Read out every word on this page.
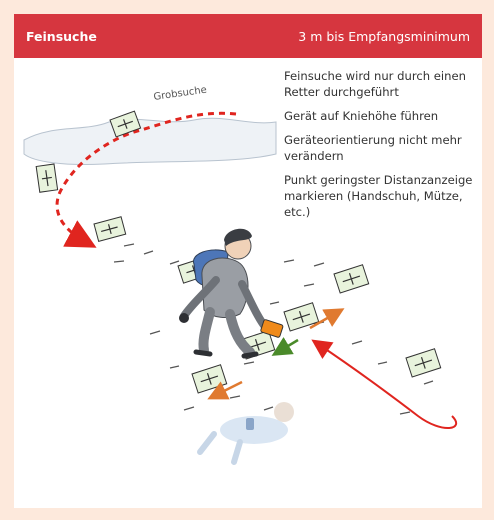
Feinsuche	3 m bis Empfangsminimum

Feinsuche wird nur durch einen Retter durchgeführt

Gerät auf Kniehöhe führen

Geräteorientierung nicht mehr verändern

Punkt geringster Distanzanzeige markieren (Handschuh, Mütze, etc.)

Grobsuche
